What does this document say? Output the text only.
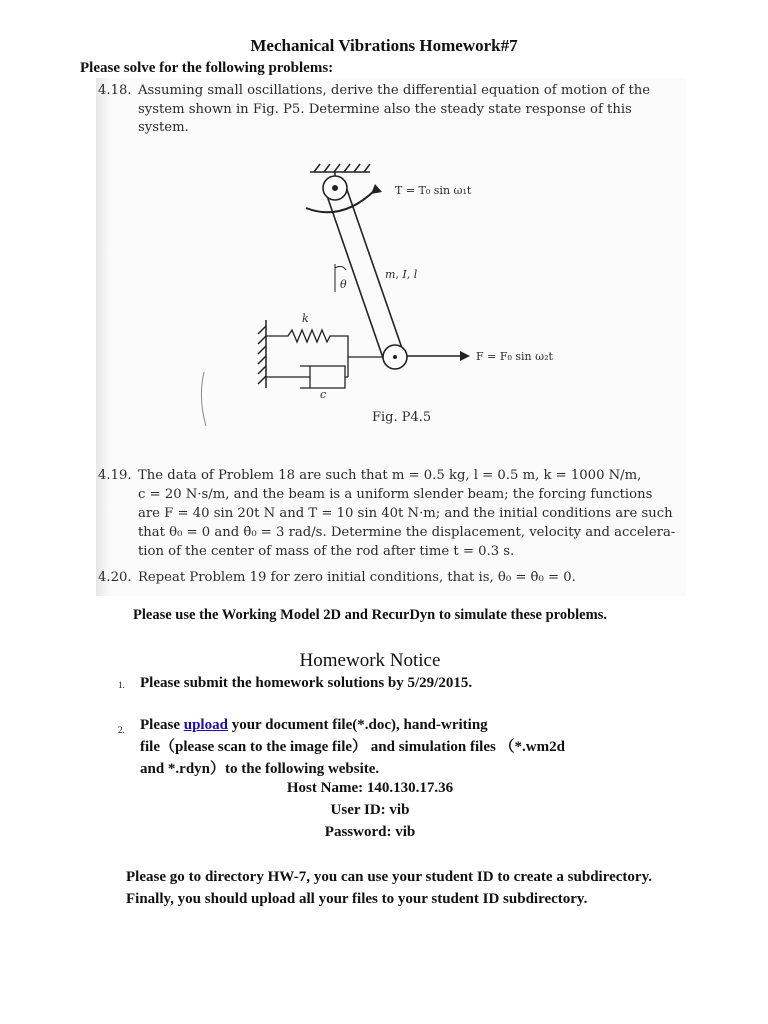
Mechanical Vibrations Homework#7
Please solve for the following problems:
4.18. Assuming small oscillations, derive the differential equation of motion of the
system shown in Fig. P5. Determine also the steady state response of this system.
T = T₀ sin ω₁t
θ
m, I, l
k
c
F = F₀ sin ω₂t
Fig. P4.5
4.19. The data of Problem 18 are such that m = 0.5 kg, l = 0.5 m, k = 1000 N/m,
c = 20 N·s/m, and the beam is a uniform slender beam; the forcing functions
are F = 40 sin 20t N and T = 10 sin 40t N·m; and the initial conditions are such
that θ₀ = 0 and θ̇₀ = 3 rad/s. Determine the displacement, velocity and accelera-
tion of the center of mass of the rod after time t = 0.3 s.
4.20. Repeat Problem 19 for zero initial conditions, that is, θ₀ = θ̇₀ = 0.
Please use the Working Model 2D and RecurDyn to simulate these problems.
Homework Notice
1. Please submit the homework solutions by 5/29/2015.
2. Please upload your document file(*.doc), hand-writing
file（please scan to the image file） and simulation files （*.wm2d
and *.rdyn）to the following website.
Host Name: 140.130.17.36
User ID: vib
Password: vib
Please go to directory HW-7, you can use your student ID to create a subdirectory. Finally, you should upload all your files to your student ID subdirectory.
